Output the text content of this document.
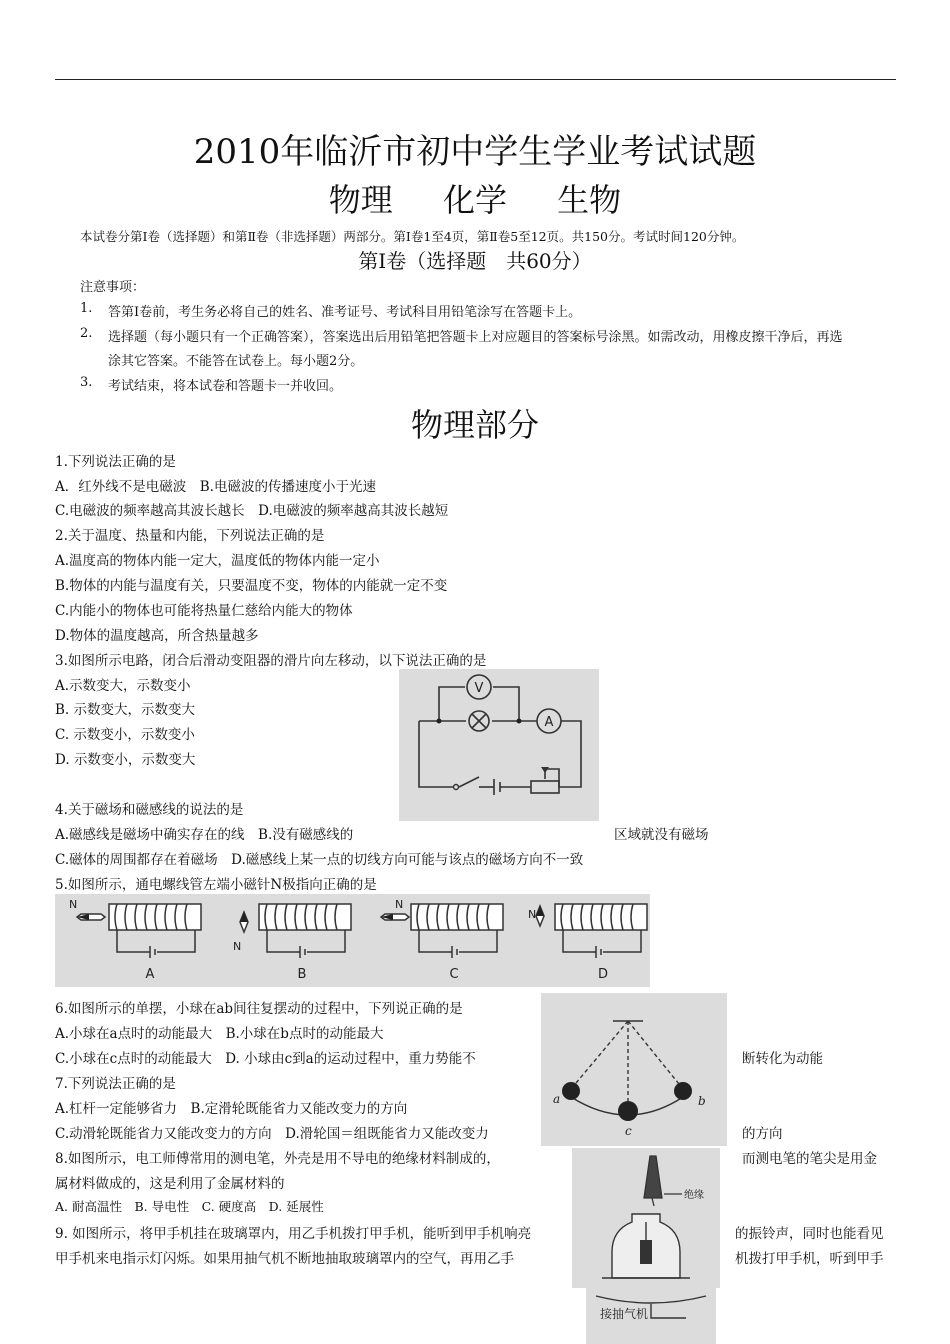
2010年临沂市初中学生学业考试试题
物理 化学 生物
本试卷分第Ⅰ卷（选择题）和第Ⅱ卷（非选择题）两部分。第Ⅰ卷1至4页，第Ⅱ卷5至12页。共150分。考试时间120分钟。
第Ⅰ卷（选择题　共60分）
注意事项：
1. 答第Ⅰ卷前，考生务必将自己的姓名、准考证号、考试科目用铅笔涂写在答题卡上。
2. 选择题（每小题只有一个正确答案），答案选出后用铅笔把答题卡上对应题目的答案标号涂黑。如需改动，用橡皮擦干净后，再选
涂其它答案。不能答在试卷上。每小题2分。
3. 考试结束，将本试卷和答题卡一并收回。
物理部分
1.下列说法正确的是
A．红外线不是电磁波　B.电磁波的传播速度小于光速
C.电磁波的频率越高其波长越长　D.电磁波的频率越高其波长越短
2.关于温度、热量和内能，下列说法正确的是
A.温度高的物体内能一定大，温度低的物体内能一定小
B.物体的内能与温度有关，只要温度不变，物体的内能就一定不变
C.内能小的物体也可能将热量仁慈给内能大的物体
D.物体的温度越高，所含热量越多
3.如图所示电路，闭合后滑动变阻器的滑片向左移动，以下说法正确的是
A.示数变大，示数变小
B. 示数变大，示数变大
C. 示数变小，示数变小
D. 示数变小，示数变大
V
A
4.关于磁场和磁感线的说法的是
A.磁感线是磁场中确实存在的线　B.没有磁感线的	区域就没有磁场
C.磁体的周围都存在着磁场　D.磁感线上某一点的切线方向可能与该点的磁场方向不一致
5.如图所示，通电螺线管左端小磁针N极指向正确的是
N
N
N
N
A	B	C	D
6.如图所示的单摆，小球在ab间往复摆动的过程中，下列说正确的是
A.小球在a点时的动能最大　B.小球在b点时的动能最大
C.小球在c点时的动能最大　D. 小球由c到a的运动过程中，重力势能不	断转化为动能
7.下列说法正确的是
A.杠杆一定能够省力　B.定滑轮既能省力又能改变力的方向
C.动滑轮既能省力又能改变力的方向　D.滑轮国＝组既能省力又能改变力	的方向
a
c
b
8.如图所示，电工师傅常用的测电笔，外壳是用不导电的绝缘材料制成的，	而测电笔的笔尖是用金
属材料做成的，这是利用了金属材料的
A. 耐高温性　B. 导电性　C. 硬度高　D. 延展性
9. 如图所示，将甲手机挂在玻璃罩内，用乙手机拨打甲手机，能听到甲手机响亮	的振铃声，同时也能看见
甲手机来电指示灯闪烁。如果用抽气机不断地抽取玻璃罩内的空气，再用乙手	机拨打甲手机，听到甲手
绝缘
接抽气机
